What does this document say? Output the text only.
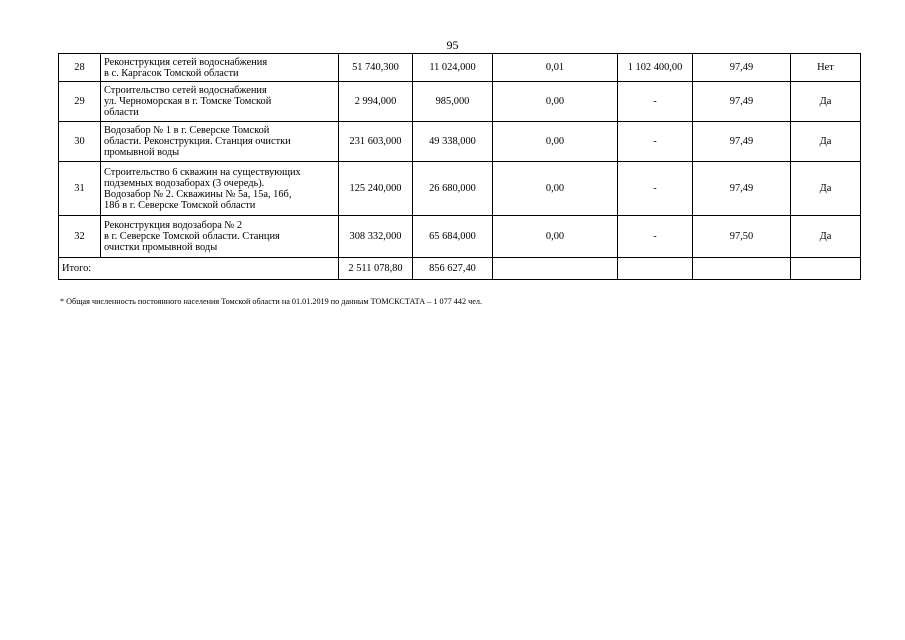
95
28	Реконструкция сетей водоснабжения
в с. Каргасок Томской области	51 740,300	11 024,000	0,01	1 102 400,00	97,49	Нет
29	Строительство сетей водоснабжения
ул. Черноморская в г. Томске Томской
области	2 994,000	985,000	0,00	-	97,49	Да
30	Водозабор № 1 в г. Северске Томской
области. Реконструкция. Станция очистки
промывной воды	231 603,000	49 338,000	0,00	-	97,49	Да
31	Строительство 6 скважин на существующих
подземных водозаборах (3 очередь).
Водозабор № 2. Скважины № 5а, 15а, 16б,
18б в г. Северске Томской области	125 240,000	26 680,000	0,00	-	97,49	Да
32	Реконструкция водозабора № 2
в г. Северске Томской области. Станция
очистки промывной воды	308 332,000	65 684,000	0,00	-	97,50	Да
Итого:		2 511 078,80	856 627,40				
* Общая численность постоянного населения Томской области на 01.01.2019 по данным ТОМСКСТАТА – 1 077 442 чел.
